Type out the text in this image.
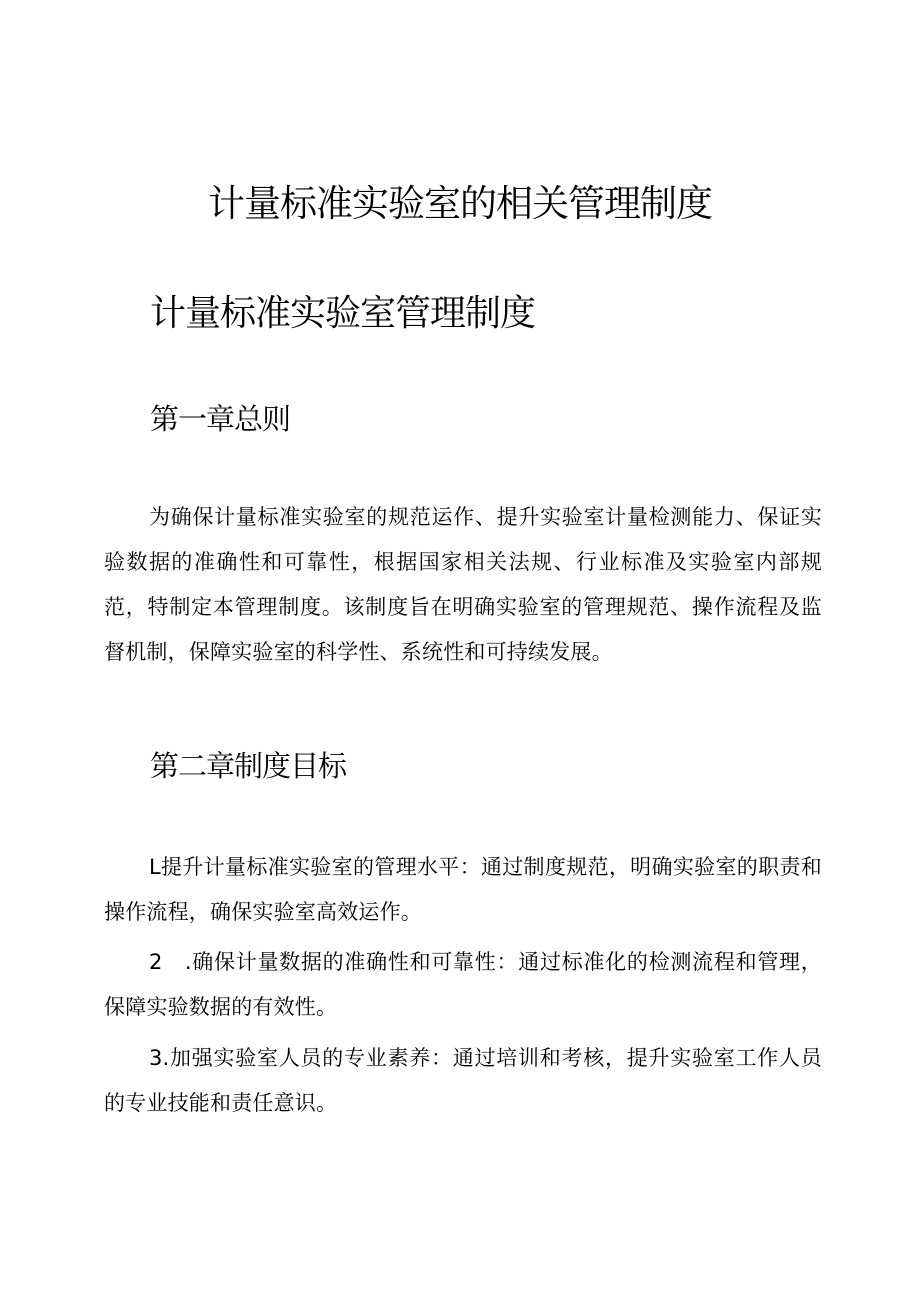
计量标准实验室的相关管理制度
计量标准实验室管理制度
第一章总则

为确保计量标准实验室的规范运作、提升实验室计量检测能力、保证实验数据的准确性和可靠性，根据国家相关法规、行业标准及实验室内部规范，特制定本管理制度。该制度旨在明确实验室的管理规范、操作流程及监督机制，保障实验室的科学性、系统性和可持续发展。

第二章制度目标

L提升计量标准实验室的管理水平：通过制度规范，明确实验室的职责和操作流程，确保实验室高效运作。

2　.确保计量数据的准确性和可靠性：通过标准化的检测流程和管理，保障实验数据的有效性。

3.加强实验室人员的专业素养：通过培训和考核，提升实验室工作人员的专业技能和责任意识。
